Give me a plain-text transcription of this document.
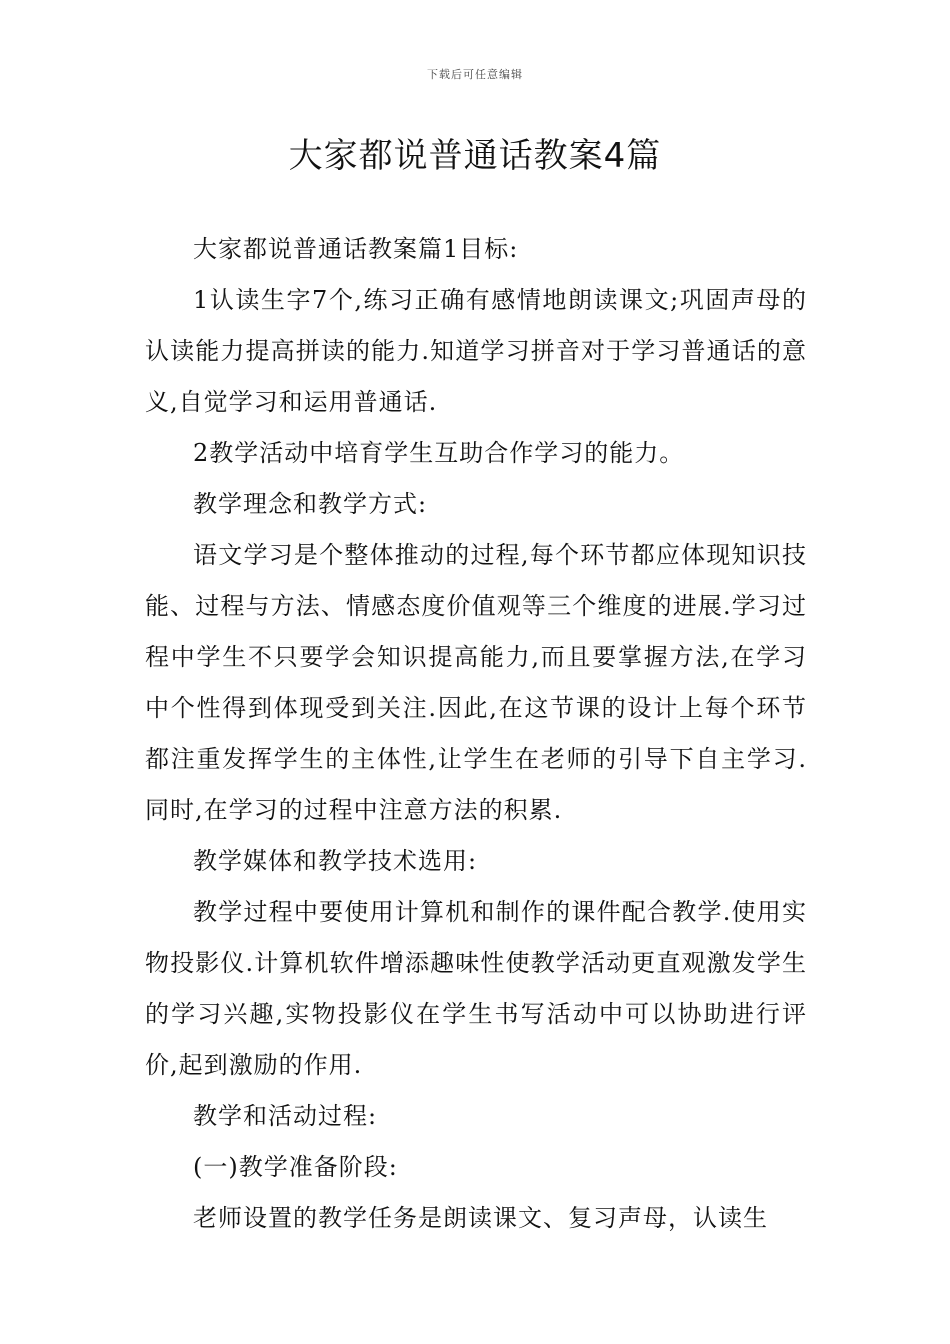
下载后可任意编辑
大家都说普通话教案4篇

大家都说普通话教案篇1目标:

1认读生字7个,练习正确有感情地朗读课文;巩固声母的认读能力提高拼读的能力.知道学习拼音对于学习普通话的意义,自觉学习和运用普通话.

2教学活动中培育学生互助合作学习的能力。

教学理念和教学方式:

语文学习是个整体推动的过程,每个环节都应体现知识技能、过程与方法、情感态度价值观等三个维度的进展.学习过程中学生不只要学会知识提高能力,而且要掌握方法,在学习中个性得到体现受到关注.因此,在这节课的设计上每个环节都注重发挥学生的主体性,让学生在老师的引导下自主学习.同时,在学习的过程中注意方法的积累.

教学媒体和教学技术选用:

教学过程中要使用计算机和制作的课件配合教学.使用实物投影仪.计算机软件增添趣味性使教学活动更直观激发学生的学习兴趣,实物投影仪在学生书写活动中可以协助进行评价,起到激励的作用.

教学和活动过程:

(一)教学准备阶段:

老师设置的教学任务是朗读课文、复习声母，认读生
